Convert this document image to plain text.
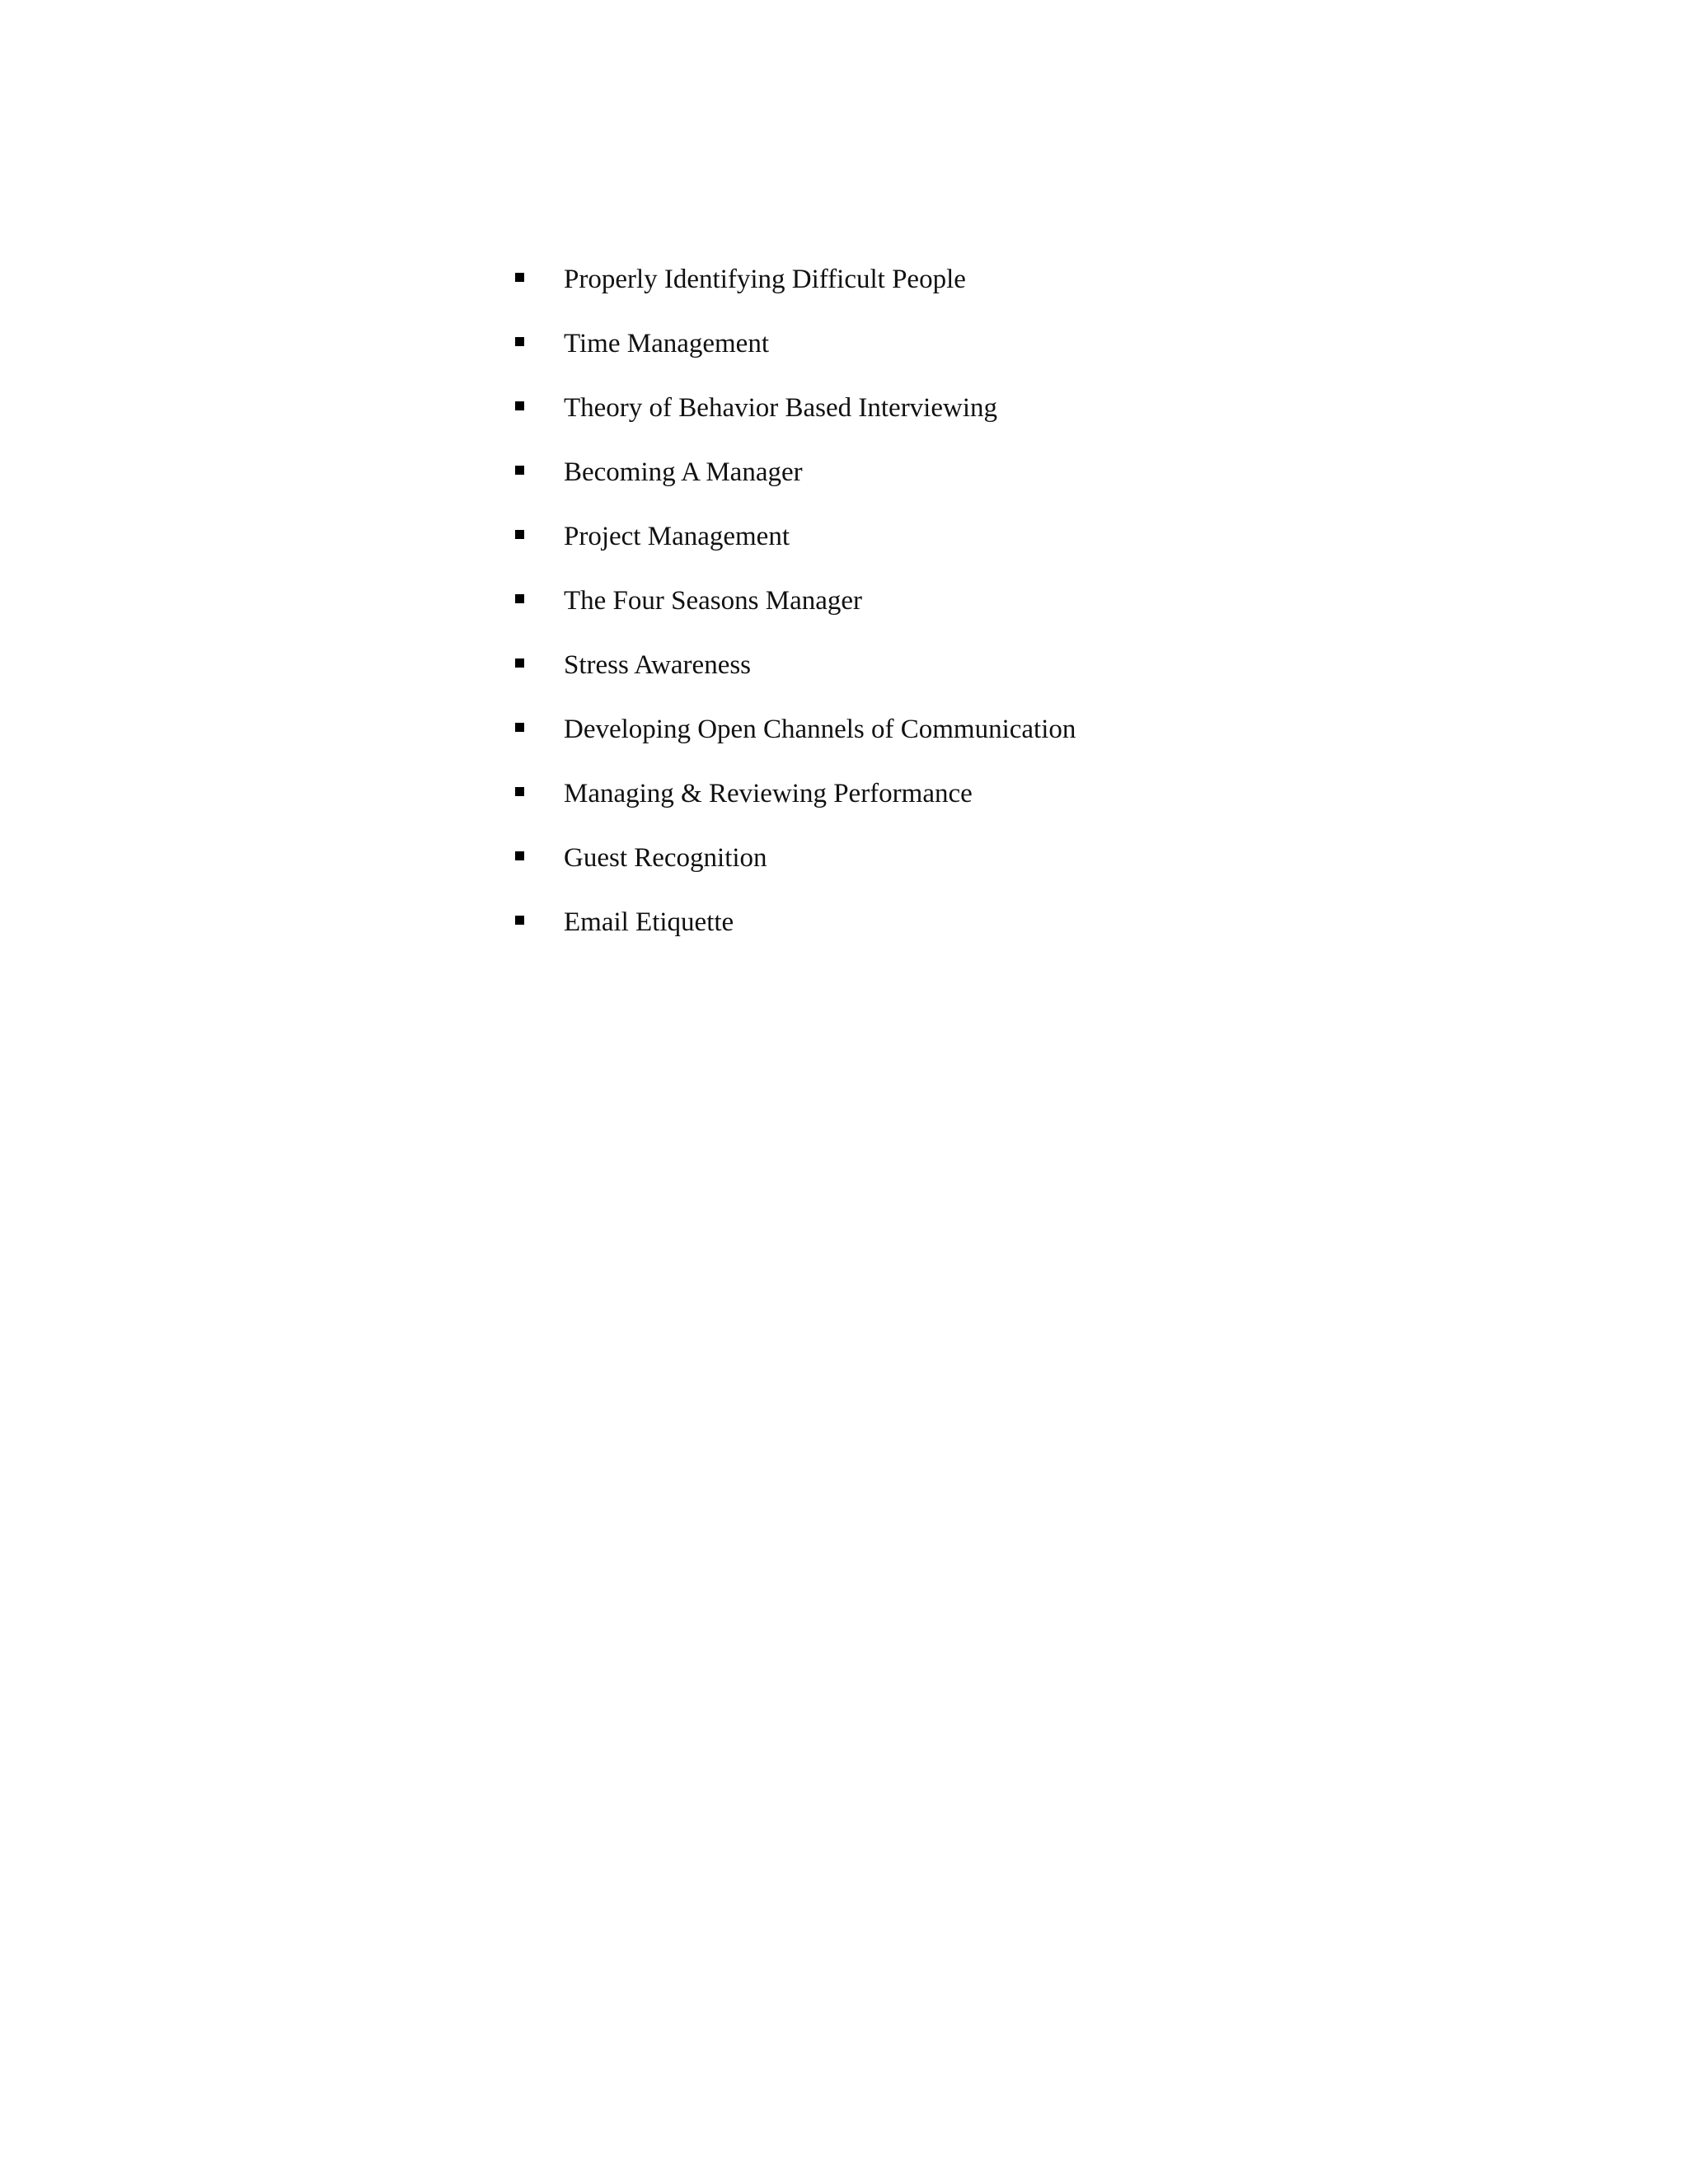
Properly Identifying Difficult People
Time Management
Theory of Behavior Based Interviewing
Becoming A Manager
Project Management
The Four Seasons Manager
Stress Awareness
Developing Open Channels of Communication
Managing & Reviewing Performance
Guest Recognition
Email Etiquette
